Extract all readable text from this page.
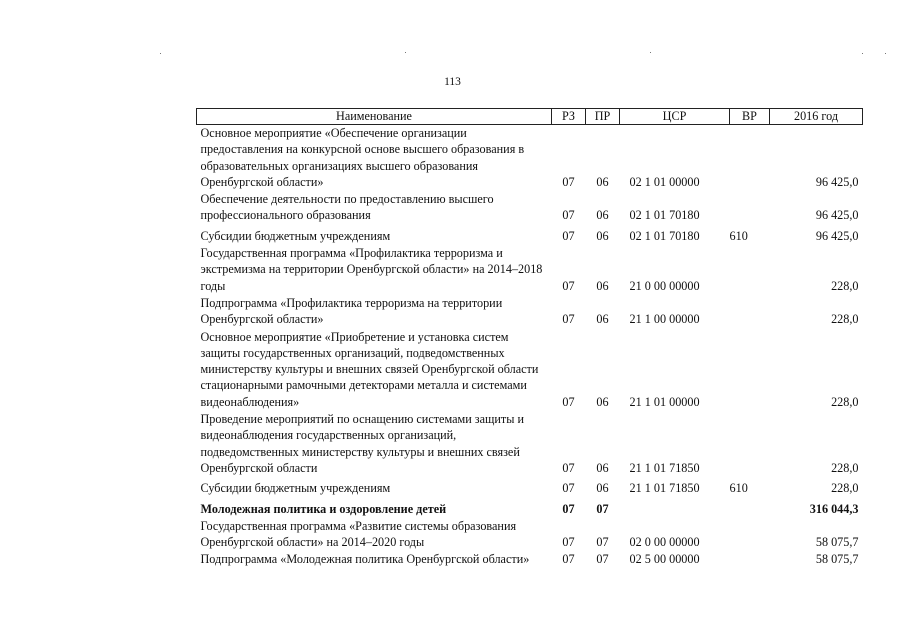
113
Наименование	РЗ	ПР	ЦСР	ВР	2016 год
Основное мероприятие «Обеспечение организации предоставления на конкурсной основе высшего образования в образовательных организациях высшего образования Оренбургской области»	07	06	02 1 01 00000		96 425,0
Обеспечение деятельности по предоставлению высшего профессионального образования	07	06	02 1 01 70180		96 425,0
Субсидии бюджетным учреждениям	07	06	02 1 01 70180	610	96 425,0
Государственная программа «Профилактика терроризма и экстремизма на территории Оренбургской области» на 2014–2018 годы	07	06	21 0 00 00000		228,0
Подпрограмма «Профилактика терроризма на территории Оренбургской области»	07	06	21 1 00 00000		228,0
Основное мероприятие «Приобретение и установка систем защиты государственных организаций, подведомственных министерству культуры и внешних связей Оренбургской области стационарными рамочными детекторами металла и системами видеонаблюдения»	07	06	21 1 01 00000		228,0
Проведение мероприятий по оснащению системами защиты и видеонаблюдения государственных организаций, подведомственных министерству культуры и внешних связей Оренбургской области	07	06	21 1 01 71850		228,0
Субсидии бюджетным учреждениям	07	06	21 1 01 71850	610	228,0
Молодежная политика и оздоровление детей	07	07			316 044,3
Государственная программа «Развитие системы образования Оренбургской области» на 2014–2020 годы	07	07	02 0 00 00000		58 075,7
Подпрограмма «Молодежная политика Оренбургской области»	07	07	02 5 00 00000		58 075,7
